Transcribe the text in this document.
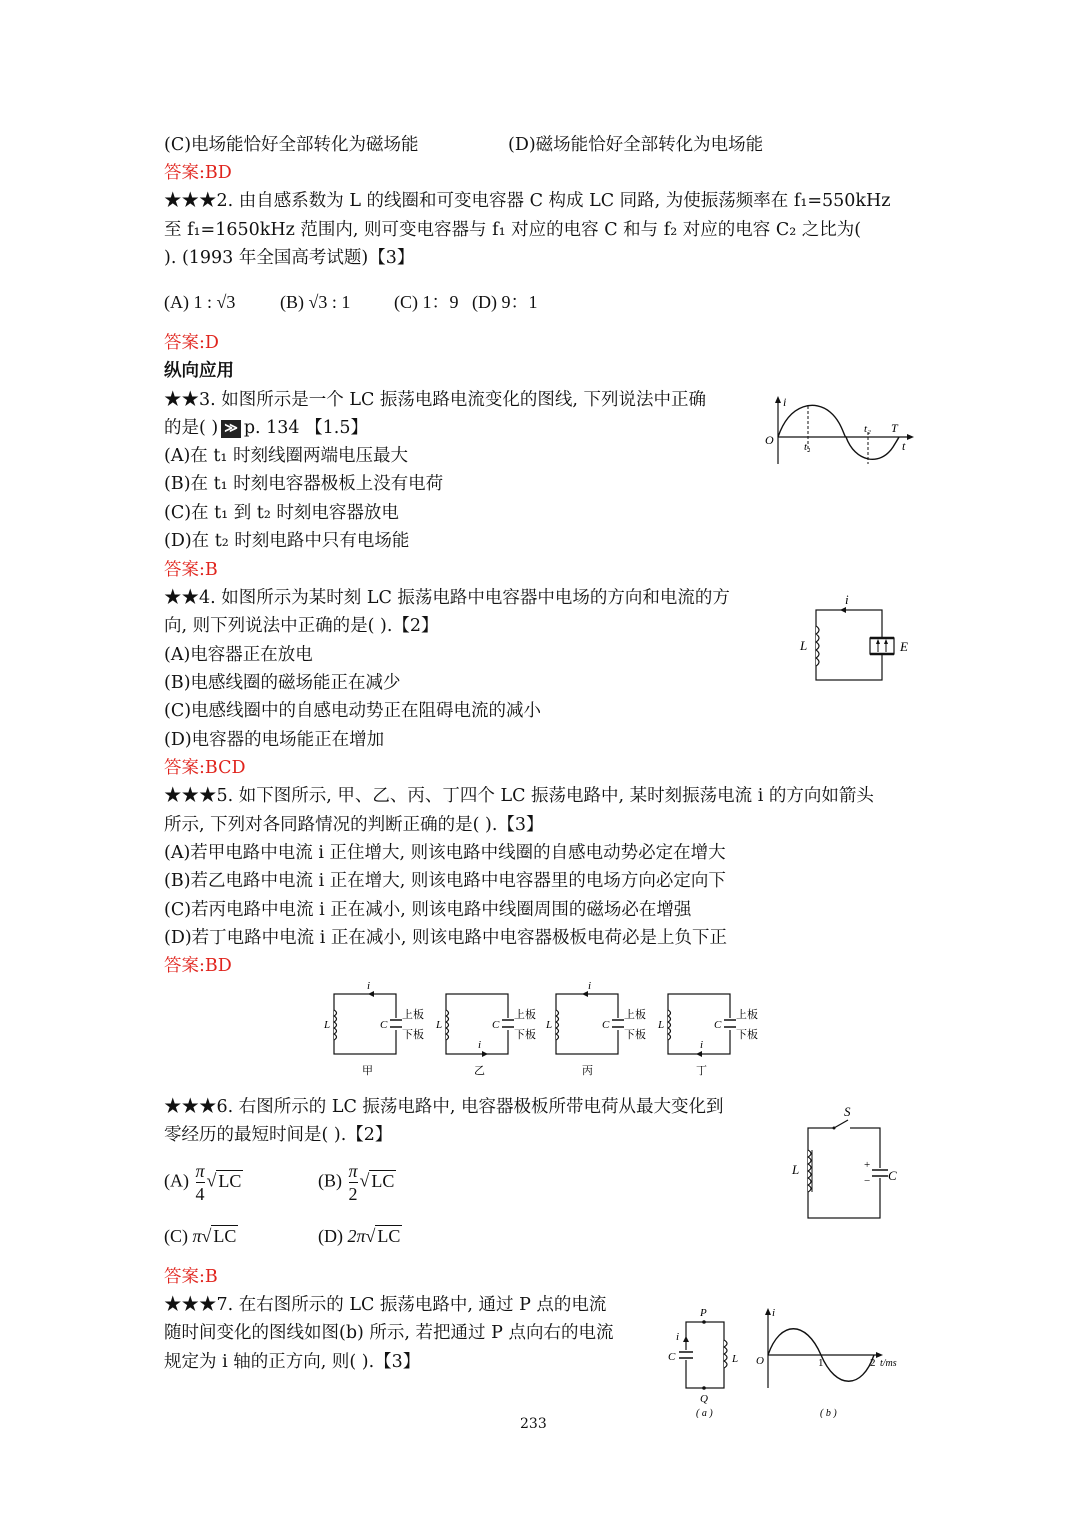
(C)电场能恰好全部转化为磁场能	(D)磁场能恰好全部转化为电场能
答案:BD
★★★2. 由自感系数为 L 的线圈和可变电容器 C 构成 LC 同路, 为使振荡频率在 f₁=550kHz
至 f₁=1650kHz 范围内, 则可变电容器与 f₁ 对应的电容 C 和与 f₂ 对应的电容 C₂ 之比为(
). (1993 年全国高考试题)【3】
(A) 1 : √3 (B) √3 : 1 (C) 1：9 (D) 9：1
答案:D
纵向应用
★★3. 如图所示是一个 LC 振荡电路电流变化的图线, 下列说法中正确
的是( ) ≫ p. 134 【1.5】
(A)在 t₁ 时刻线圈两端电压最大
(B)在 t₁ 时刻电容器极板上没有电荷
(C)在 t₁ 到 t₂ 时刻电容器放电
(D)在 t₂ 时刻电路中只有电场能
答案:B
i
O	t₁
t₂ T
t
★★4. 如图所示为某时刻 LC 振荡电路中电容器中电场的方向和电流的方
向, 则下列说法中正确的是( ).【2】
(A)电容器正在放电
(B)电感线圈的磁场能正在减少
(C)电感线圈中的自感电动势正在阻碍电流的减小
(D)电容器的电场能正在增加
答案:BCD
i
L	E
★★★5. 如下图所示, 甲、乙、丙、丁四个 LC 振荡电路中, 某时刻振荡电流 i 的方向如箭头
所示, 下列对各同路情况的判断正确的是( ).【3】
(A)若甲电路中电流 i 正住增大, 则该电路中线圈的自感电动势必定在增大
(B)若乙电路中电流 i 正在增大, 则该电路中电容器里的电场方向必定向下
(C)若丙电路中电流 i 正在减小, 则该电路中线圈周围的磁场必在增强
(D)若丁电路中电流 i 正在减小, 则该电路中电容器极板电荷必是上负下正
答案:BD
i
L	C
上板
下板
甲
i
L	C
上板
下板
乙
i
L	C
上板
下板
丙
i
L	C
上板
下板
丁
★★★6. 右图所示的 LC 振荡电路中, 电容器极板所带电荷从最大变化到
零经历的最短时间是( ).【2】
$(A) \frac{\pi}{4}$ √ LC	$(B) \frac{\pi}{2}$ √ LC
(C) π√ LC	(D) 2π√ LC
答案:B
S
L	C
+
−
★★★7. 在右图所示的 LC 振荡电路中, 通过 P 点的电流
随时间变化的图线如图(b) 所示, 若把通过 P 点向右的电流
规定为 i 轴的正方向, 则( ).【3】
P
Q
i
C	L
( a )
i
O	1	2 t/ms
( b )
233
